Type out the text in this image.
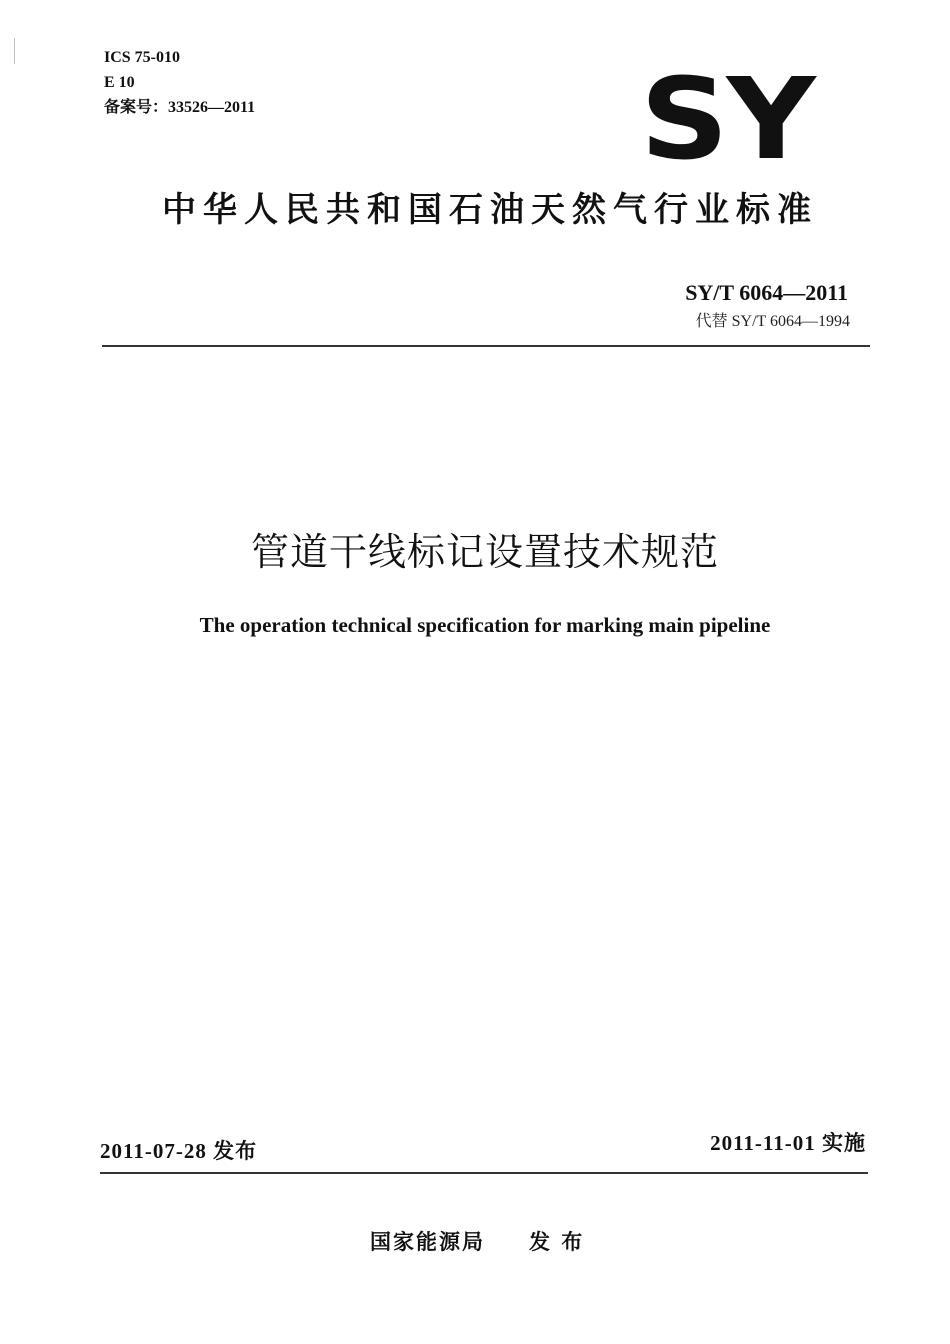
ICS 75-010
E 10
备案号：33526—2011	SY
中华人民共和国石油天然气行业标准
SY/T 6064—2011
代替 SY/T 6064—1994
管道干线标记设置技术规范
The operation technical specification for marking main pipeline
2011-07-28 发布	2011-11-01 实施
国家能源局 发 布
